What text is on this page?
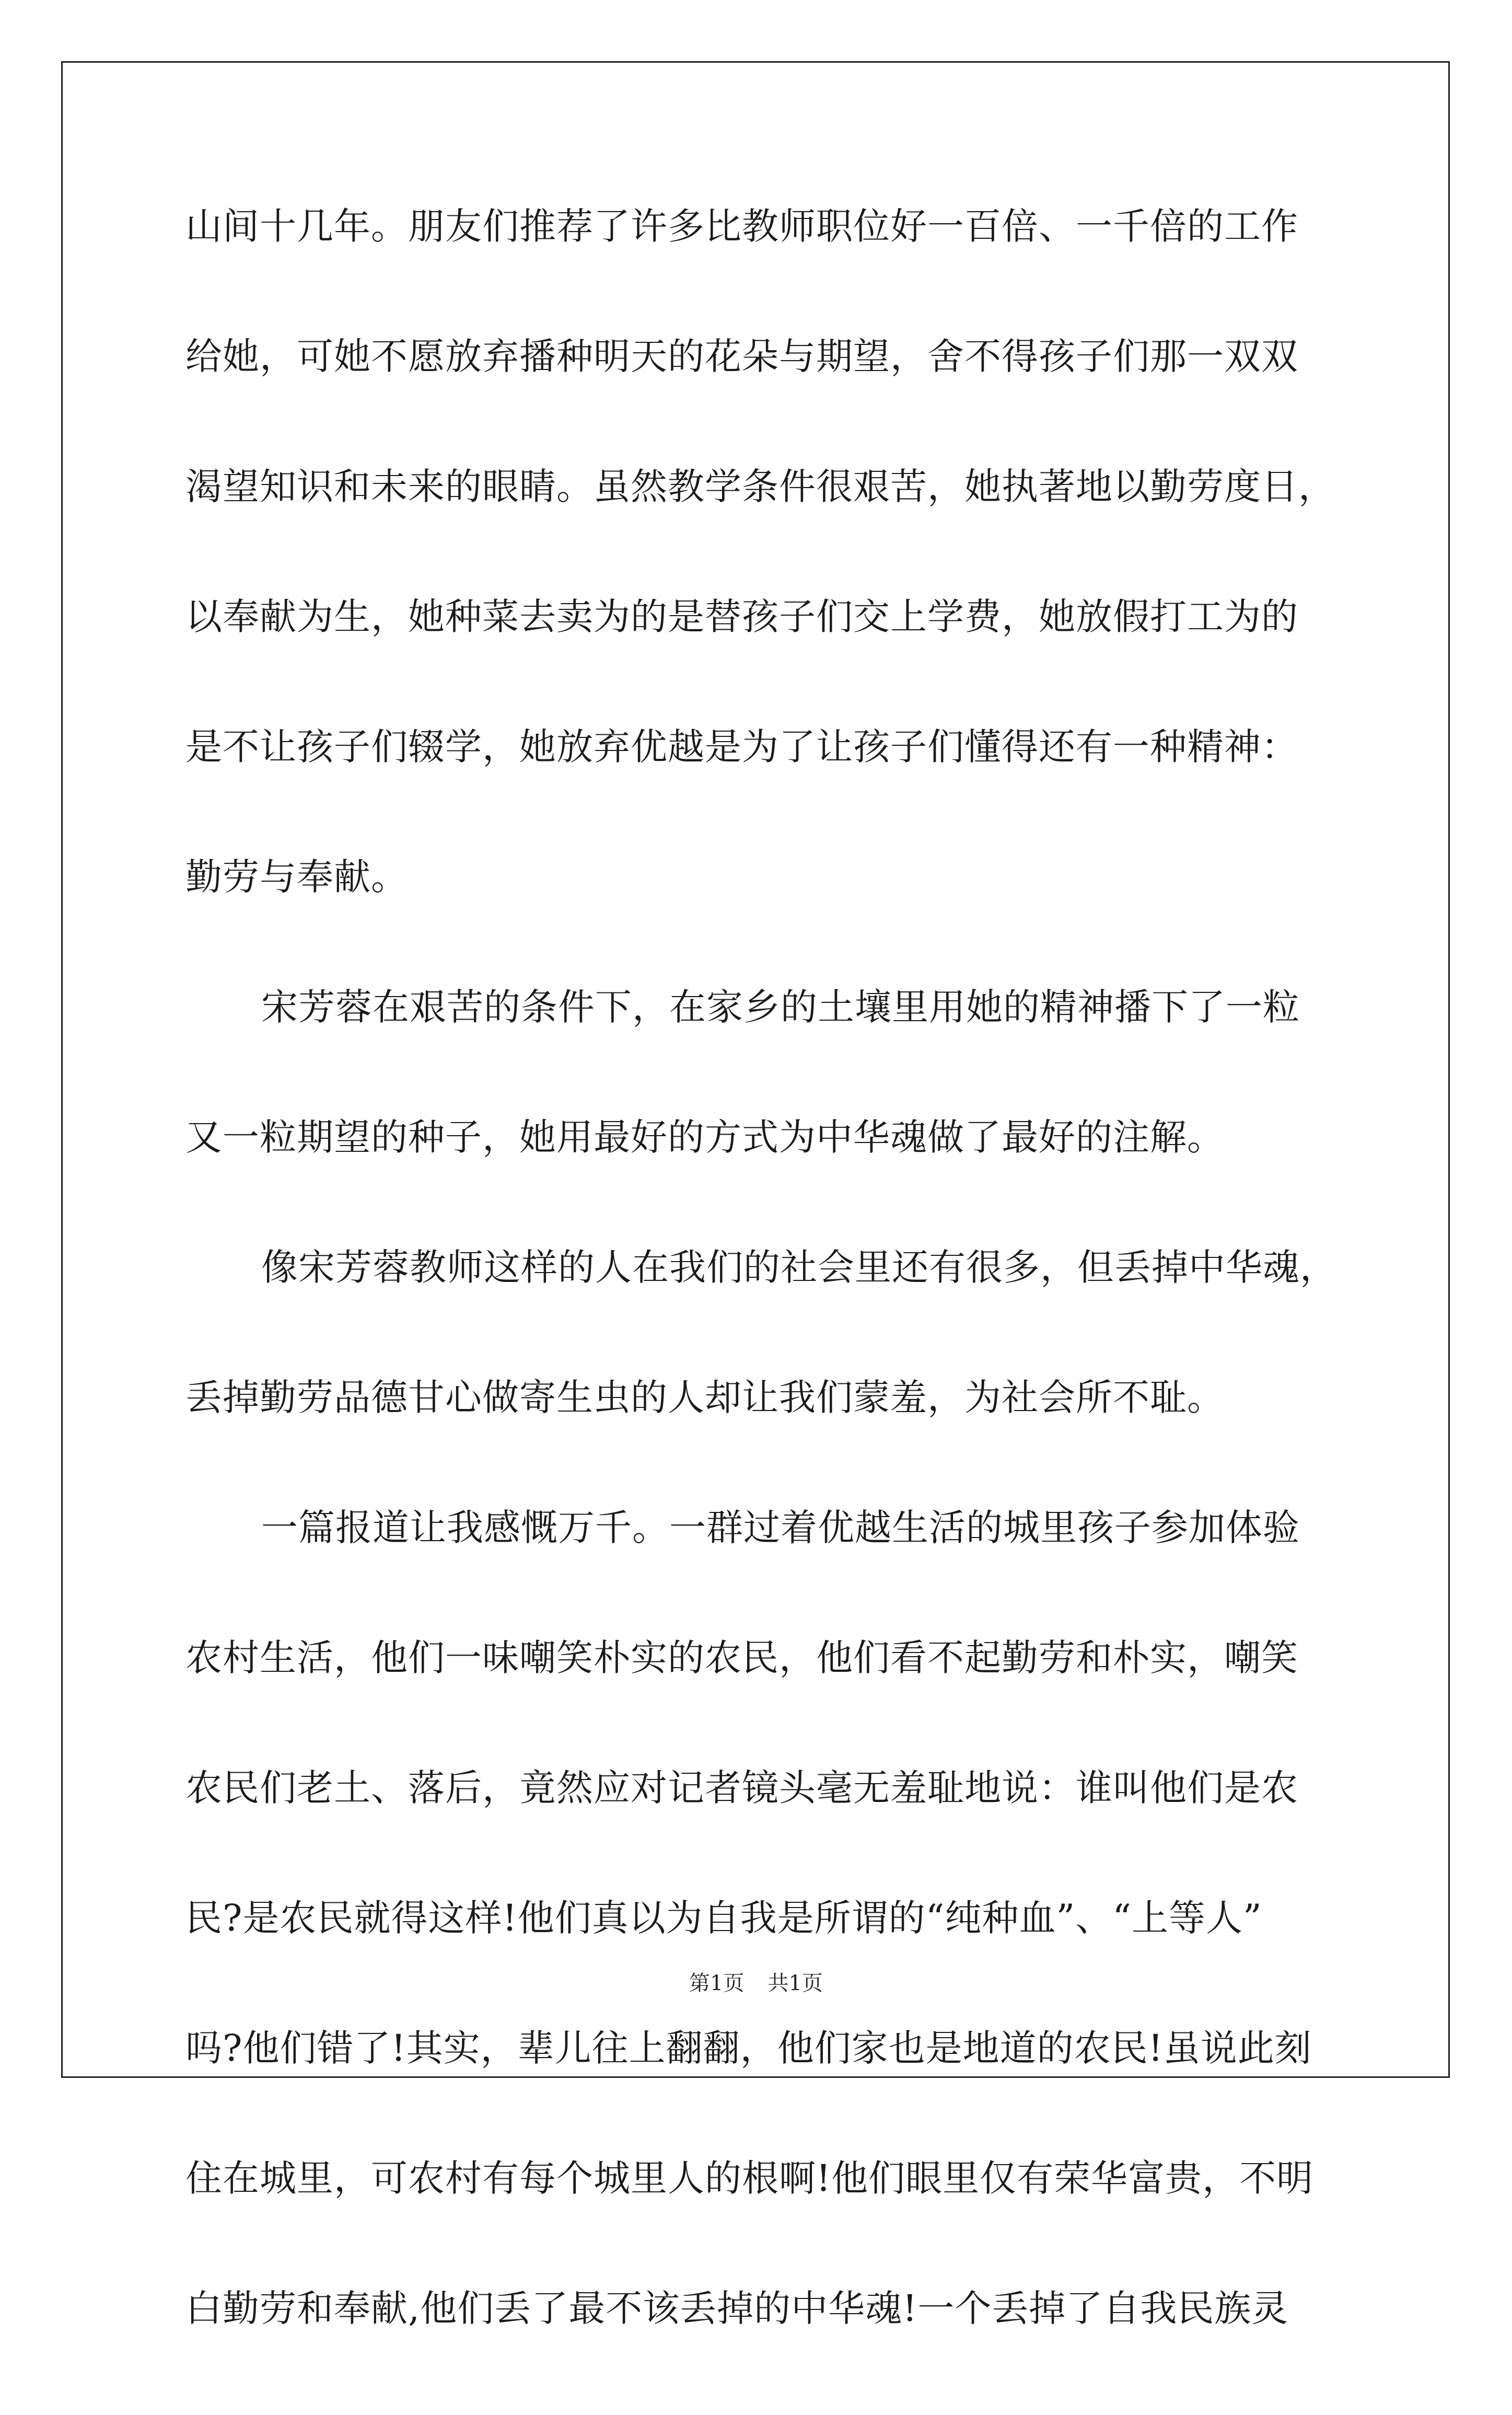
山间十几年。朋友们推荐了许多比教师职位好一百倍、一千倍的工作
给她，可她不愿放弃播种明天的花朵与期望，舍不得孩子们那一双双
渴望知识和未来的眼睛。虽然教学条件很艰苦，她执著地以勤劳度日，
以奉献为生，她种菜去卖为的是替孩子们交上学费，她放假打工为的
是不让孩子们辍学，她放弃优越是为了让孩子们懂得还有一种精神：
勤劳与奉献。
宋芳蓉在艰苦的条件下，在家乡的土壤里用她的精神播下了一粒
又一粒期望的种子，她用最好的方式为中华魂做了最好的注解。
像宋芳蓉教师这样的人在我们的社会里还有很多，但丢掉中华魂，
丢掉勤劳品德甘心做寄生虫的人却让我们蒙羞，为社会所不耻。
一篇报道让我感慨万千。一群过着优越生活的城里孩子参加体验
农村生活，他们一味嘲笑朴实的农民，他们看不起勤劳和朴实，嘲笑
农民们老土、落后，竟然应对记者镜头毫无羞耻地说：谁叫他们是农
民?是农民就得这样!他们真以为自我是所谓的“纯种血”、“上等人”
吗?他们错了!其实，辈儿往上翻翻，他们家也是地道的农民!虽说此刻
住在城里，可农村有每个城里人的根啊!他们眼里仅有荣华富贵，不明
白勤劳和奉献,他们丢了最不该丢掉的中华魂!一个丢掉了自我民族灵
第1页 共1页
